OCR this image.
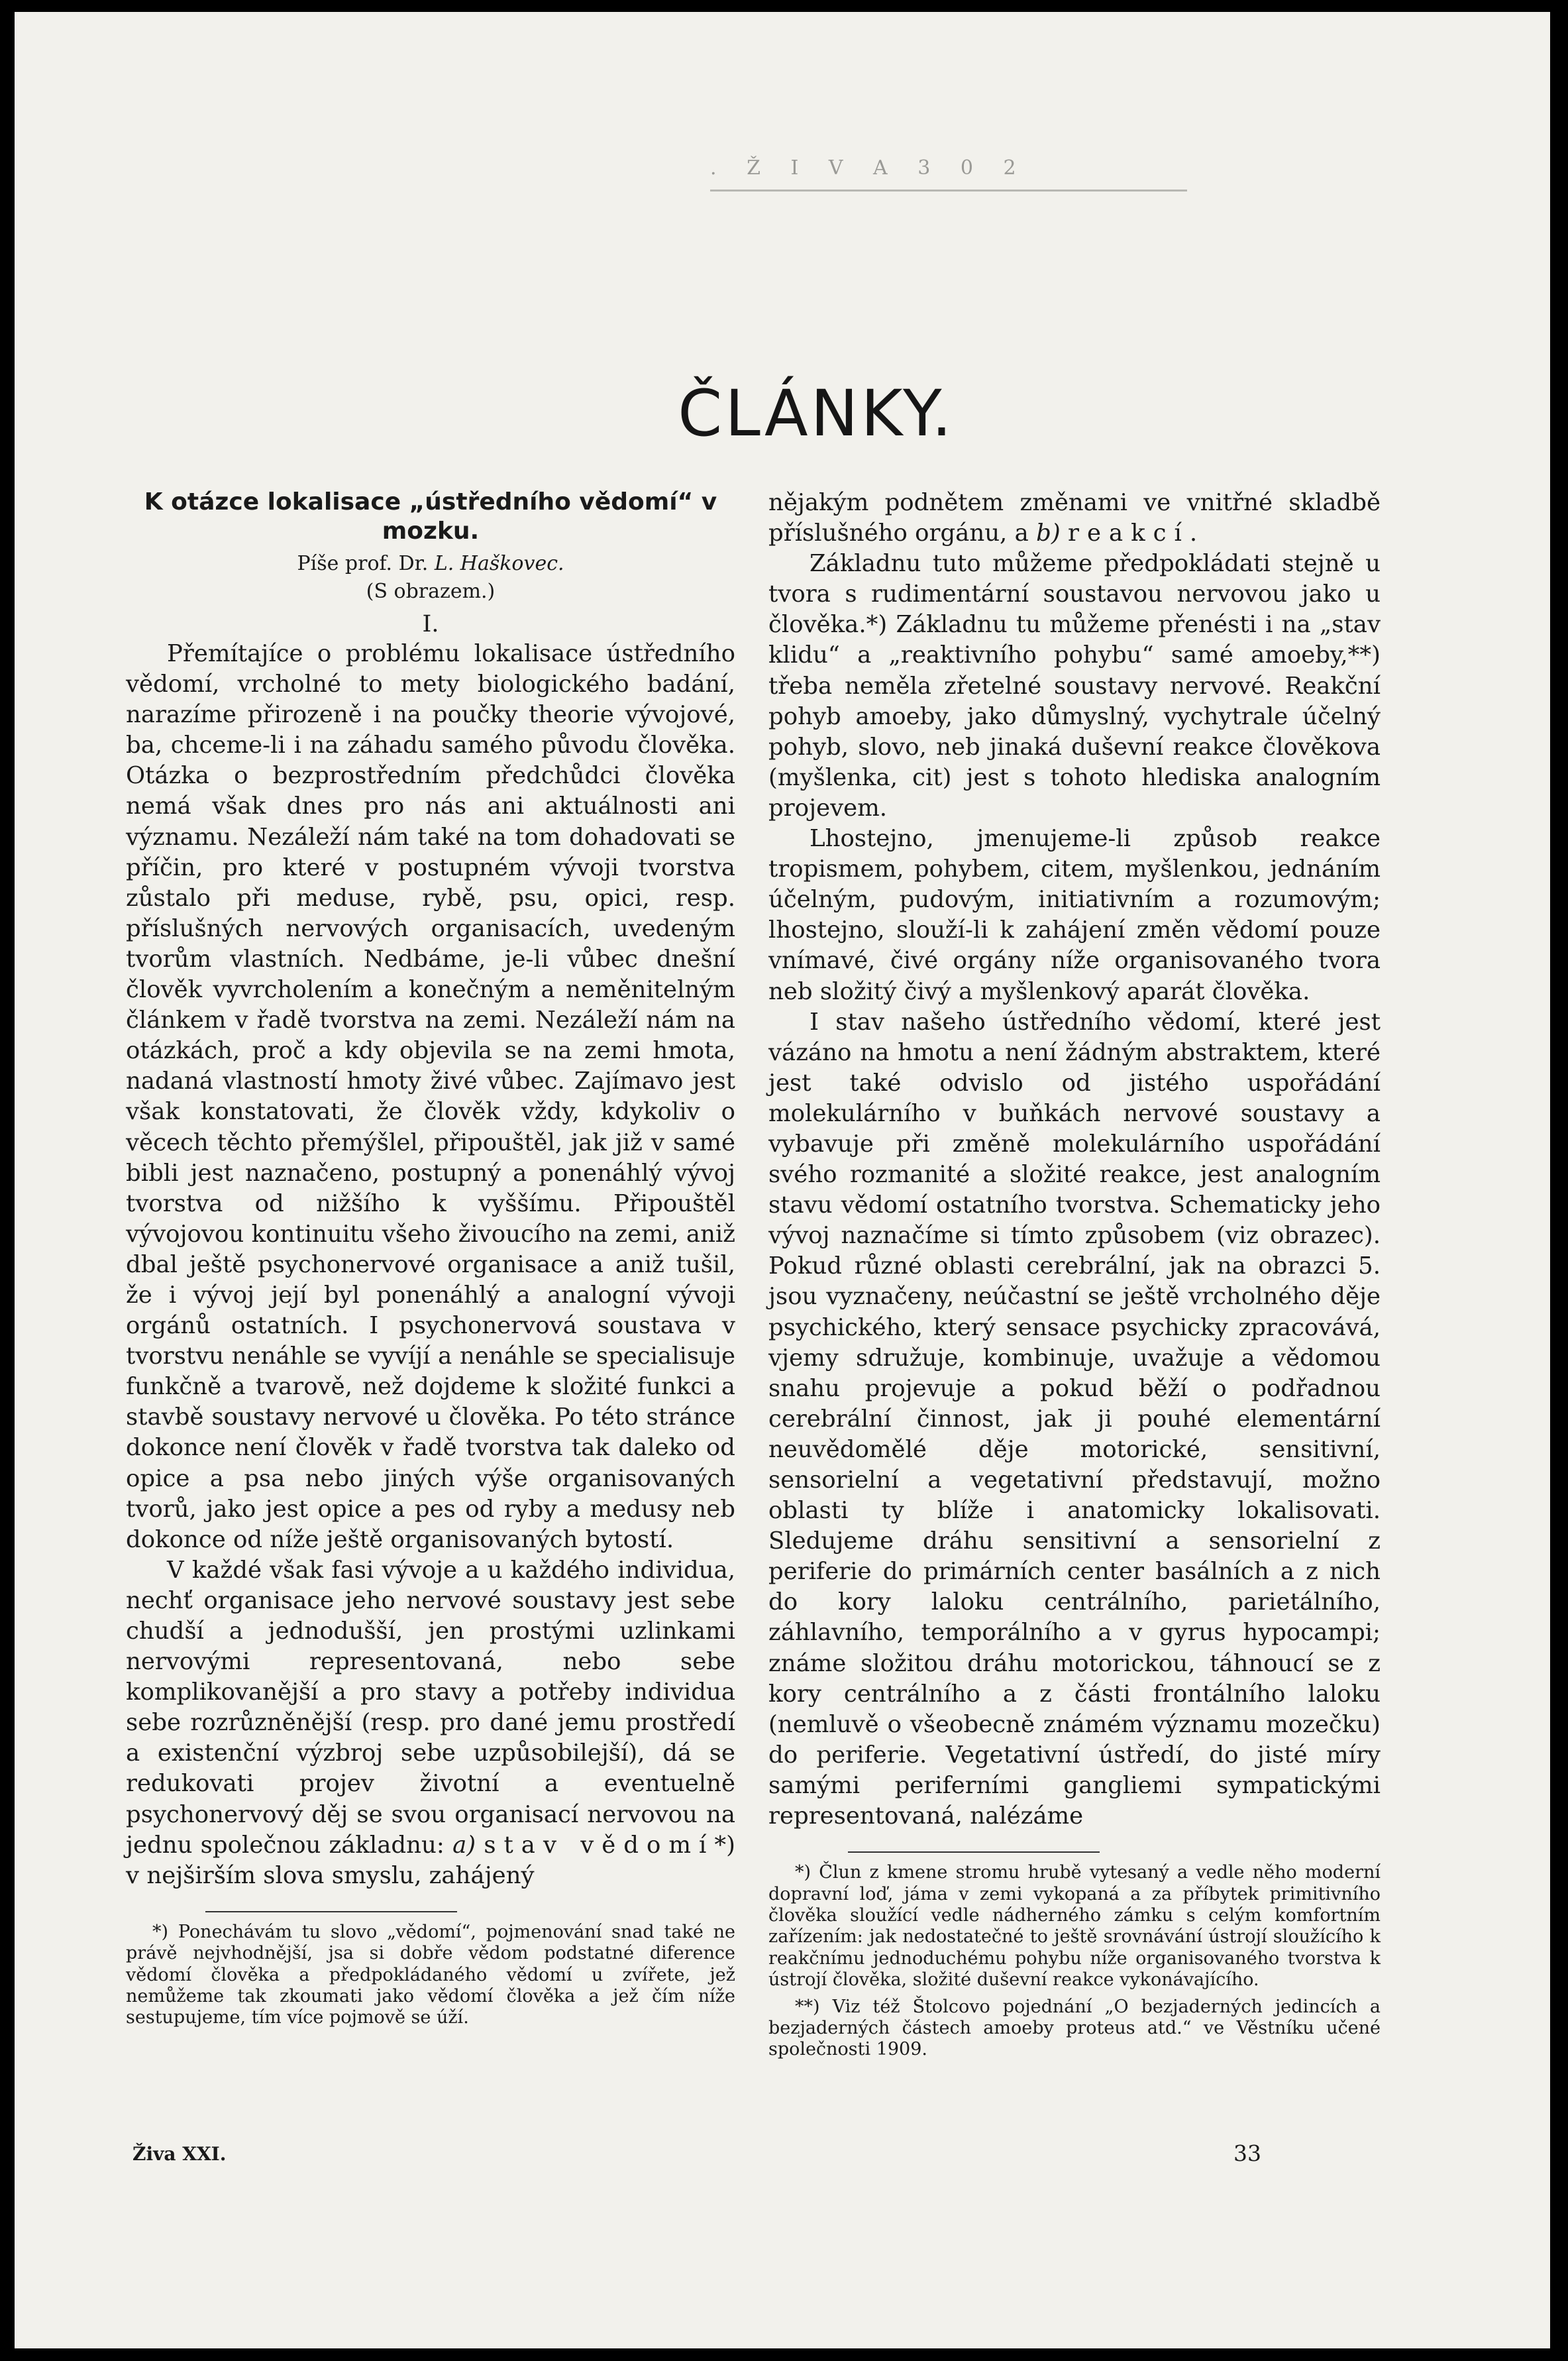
. Ž I V A 3 0 2
ČLÁNKY.
K otázce lokalisace „ústředního vědomí“ v mozku.

Píše prof. Dr. L. Haškovec.

(S obrazem.)

I.

Přemítajíce o problému lokalisace ústředního vědomí, vrcholné to mety biologického badání, narazíme přirozeně i na poučky theorie vývojové, ba, chceme-li i na záhadu samého původu člověka. Otázka o bezprostředním předchůdci člověka nemá však dnes pro nás ani aktuálnosti ani významu. Nezáleží nám také na tom dohadovati se příčin, pro které v postupném vývoji tvorstva zůstalo při meduse, rybě, psu, opici, resp. příslušných nervových organisacích, uvedeným tvorům vlastních. Nedbáme, je-li vůbec dnešní člověk vyvrcholením a konečným a neměnitelným článkem v řadě tvorstva na zemi. Nezáleží nám na otázkách, proč a kdy objevila se na zemi hmota, nadaná vlastností hmoty živé vůbec. Zajímavo jest však konstatovati, že člověk vždy, kdykoliv o věcech těchto přemýšlel, připouštěl, jak již v samé bibli jest naznačeno, postupný a ponenáhlý vývoj tvorstva od nižšího k vyššímu. Připouštěl vývojovou kontinuitu všeho živoucího na zemi, aniž dbal ještě psychonervové organisace a aniž tušil, že i vývoj její byl ponenáhlý a analogní vývoji orgánů ostatních. I psychonervová soustava v tvorstvu nenáhle se vyvíjí a nenáhle se specialisuje funkčně a tvarově, než dojdeme k složité funkci a stavbě soustavy nervové u člověka. Po této stránce dokonce není člověk v řadě tvorstva tak daleko od opice a psa nebo jiných výše organisovaných tvorů, jako jest opice a pes od ryby a medusy neb dokonce od níže ještě organisovaných bytostí.

V každé však fasi vývoje a u každého individua, nechť organisace jeho nervové soustavy jest sebe chudší a jednodušší, jen prostými uzlinkami nervovými representovaná, nebo sebe komplikovanější a pro stavy a potřeby individua sebe rozrůzněnější (resp. pro dané jemu prostředí a existenční výzbroj sebe uzpůsobilejší), dá se redukovati projev životní a eventuelně psychonervový děj se svou organisací nervovou na jednu společnou základnu: a) stav vědomí*) v nejširším slova smyslu, zahájený

*) Ponechávám tu slovo „vědomí“, pojmenování snad také ne právě nejvhodnější, jsa si dobře vědom podstatné diference vědomí člověka a předpokládaného vědomí u zvířete, jež nemůžeme tak zkoumati jako vědomí člověka a jež čím níže sestupujeme, tím více pojmově se úží.

nějakým podnětem změnami ve vnitřné skladbě příslušného orgánu, a b) reakcí.

Základnu tuto můžeme předpokládati stejně u tvora s rudimentární soustavou nervovou jako u člověka.*) Základnu tu můžeme přenésti i na „stav klidu“ a „reaktivního pohybu“ samé amoeby,**) třeba neměla zřetelné soustavy nervové. Reakční pohyb amoeby, jako důmyslný, vychytrale účelný pohyb, slovo, neb jinaká duševní reakce člověkova (myšlenka, cit) jest s tohoto hlediska analogním projevem.

Lhostejno, jmenujeme-li způsob reakce tropismem, pohybem, citem, myšlenkou, jednáním účelným, pudovým, initiativním a rozumovým; lhostejno, slouží-li k zahájení změn vědomí pouze vnímavé, čivé orgány níže organisovaného tvora neb složitý čivý a myšlenkový aparát člověka.

I stav našeho ústředního vědomí, které jest vázáno na hmotu a není žádným abstraktem, které jest také odvislo od jistého uspořádání molekulárního v buňkách nervové soustavy a vybavuje při změně molekulárního uspořádání svého rozmanité a složité reakce, jest analogním stavu vědomí ostatního tvorstva. Schematicky jeho vývoj naznačíme si tímto způsobem (viz obrazec). Pokud různé oblasti cerebrální, jak na obrazci 5. jsou vyznačeny, neúčastní se ještě vrcholného děje psychického, který sensace psychicky zpracovává, vjemy sdružuje, kombinuje, uvažuje a vědomou snahu projevuje a pokud běží o podřadnou cerebrální činnost, jak ji pouhé elementární neuvědomělé děje motorické, sensitivní, sensorielní a vegetativní představují, možno oblasti ty blíže i anatomicky lokalisovati. Sledujeme dráhu sensitivní a sensorielní z periferie do primárních center basálních a z nich do kory laloku centrálního, parietálního, záhlavního, temporálního a v gyrus hypocampi; známe složitou dráhu motorickou, táhnoucí se z kory centrálního a z části frontálního laloku (nemluvě o všeobecně známém významu mozečku) do periferie. Vegetativní ústředí, do jisté míry samými periferními gangliemi sympatickými representovaná, nalézáme

*) Člun z kmene stromu hrubě vytesaný a vedle něho moderní dopravní loď, jáma v zemi vykopaná a za příbytek primitivního člověka sloužící vedle nádherného zámku s celým komfortním zařízením: jak nedostatečné to ještě srovnávání ústrojí sloužícího k reakčnímu jednoduchému pohybu níže organisovaného tvorstva k ústrojí člověka, složité duševní reakce vykonávajícího.

**) Viz též Štolcovo pojednání „O bezjaderných jedincích a bezjaderných částech amoeby proteus atd.“ ve Věstníku učené společnosti 1909.

Živa XXI.	33
